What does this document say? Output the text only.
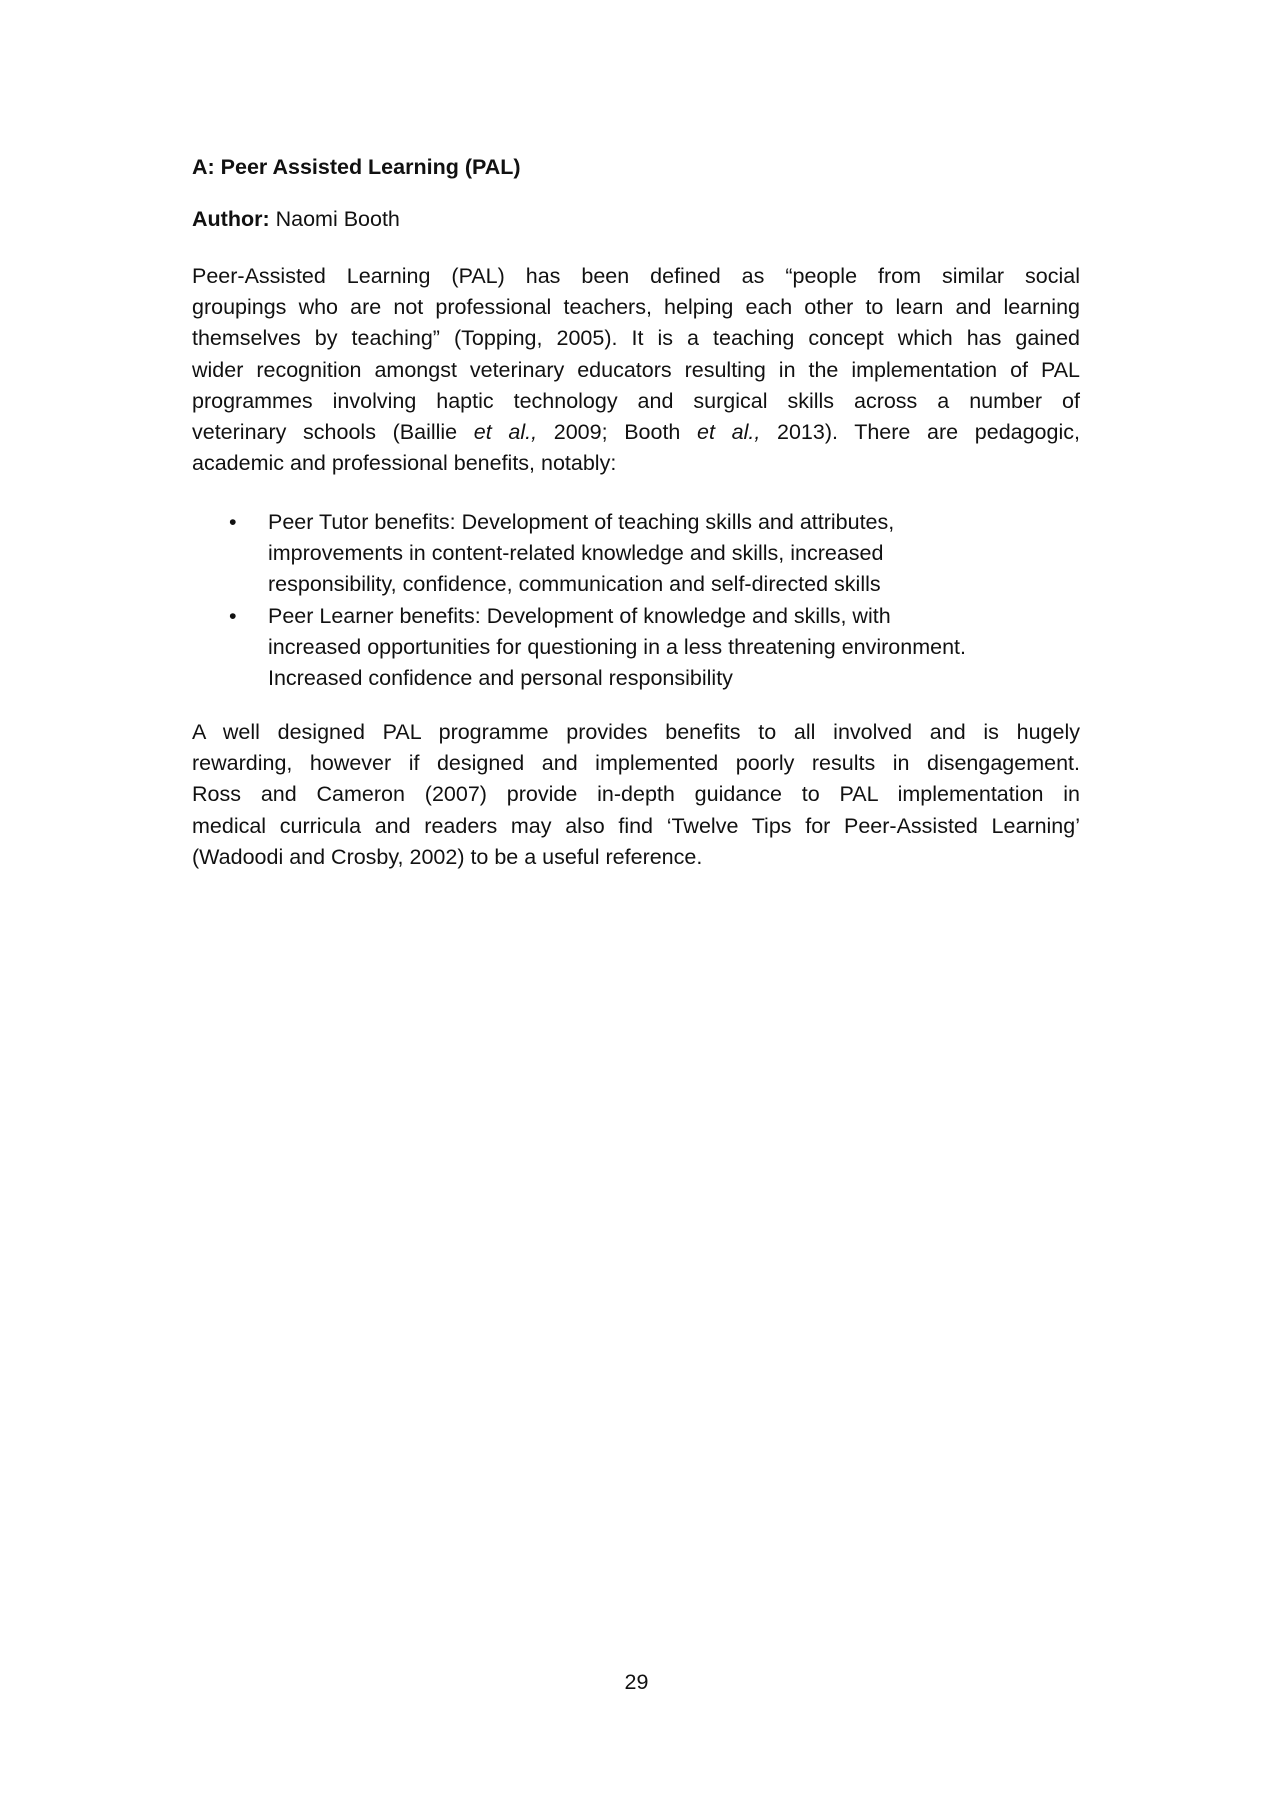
A: Peer Assisted Learning (PAL)
Author: Naomi Booth
Peer-Assisted Learning (PAL) has been defined as “people from similar social
groupings who are not professional teachers, helping each other to learn and learning
themselves by teaching” (Topping, 2005). It is a teaching concept which has gained
wider recognition amongst veterinary educators resulting in the implementation of PAL
programmes involving haptic technology and surgical skills across a number of
veterinary schools (Baillie et al., 2009; Booth et al., 2013). There are pedagogic,
academic and professional benefits, notably:
• Peer Tutor benefits: Development of teaching skills and attributes,
improvements in content-related knowledge and skills, increased
responsibility, confidence, communication and self-directed skills
• Peer Learner benefits: Development of knowledge and skills, with
increased opportunities for questioning in a less threatening environment.
Increased confidence and personal responsibility
A well designed PAL programme provides benefits to all involved and is hugely
rewarding, however if designed and implemented poorly results in disengagement.
Ross and Cameron (2007) provide in-depth guidance to PAL implementation in
medical curricula and readers may also find ‘Twelve Tips for Peer-Assisted Learning’
(Wadoodi and Crosby, 2002) to be a useful reference.
29
